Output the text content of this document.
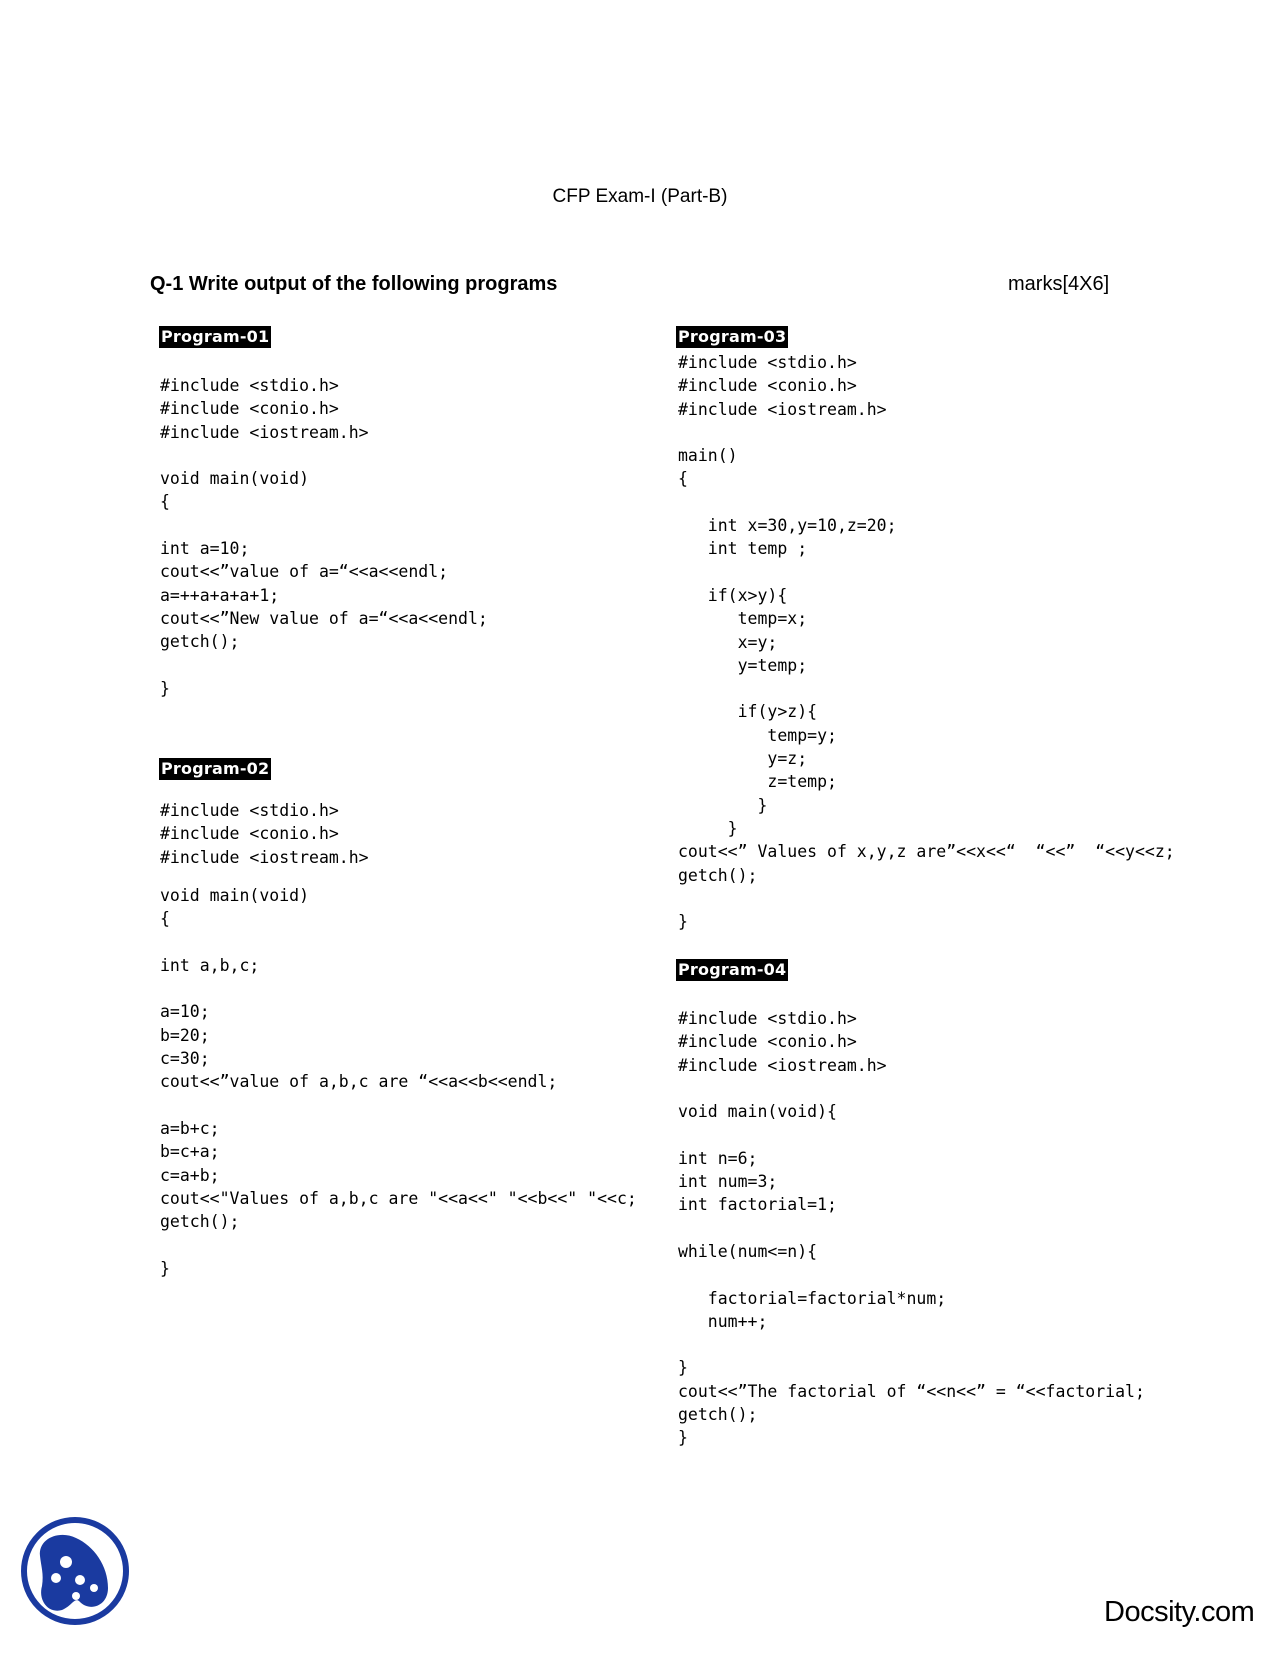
CFP Exam-I (Part-B)
Q-1 Write output of the following programs	marks[4X6]
Program-01
#include <stdio.h>
#include <conio.h>
#include <iostream.h>

void main(void)
{

int a=10;
cout<<”value of a=“<<a<<endl;
a=++a+a+a+1;
cout<<”New value of a=“<<a<<endl;
getch();

}
Program-02
#include <stdio.h>
#include <conio.h>
#include <iostream.h>
void main(void)
{

int a,b,c;

a=10;
b=20;
c=30;
cout<<”value of a,b,c are “<<a<<b<<endl;

a=b+c;
b=c+a;
c=a+b;
cout<<"Values of a,b,c are "<<a<<" "<<b<<" "<<c;
getch();

}
Program-03
#include <stdio.h>
#include <conio.h>
#include <iostream.h>

main()
{

int x=30,y=10,z=20;
int temp ;

if(x>y){
temp=x;
x=y;
y=temp;

if(y>z){
temp=y;
y=z;
z=temp;
}
}
cout<<” Values of x,y,z are”<<x<<“  “<<”  “<<y<<z;
getch();

}
Program-04
#include <stdio.h>
#include <conio.h>
#include <iostream.h>

void main(void){

int n=6;
int num=3;
int factorial=1;

while(num<=n){

factorial=factorial*num;
num++;

}
cout<<”The factorial of “<<n<<” = “<<factorial;
getch();
}
Docsity.com
